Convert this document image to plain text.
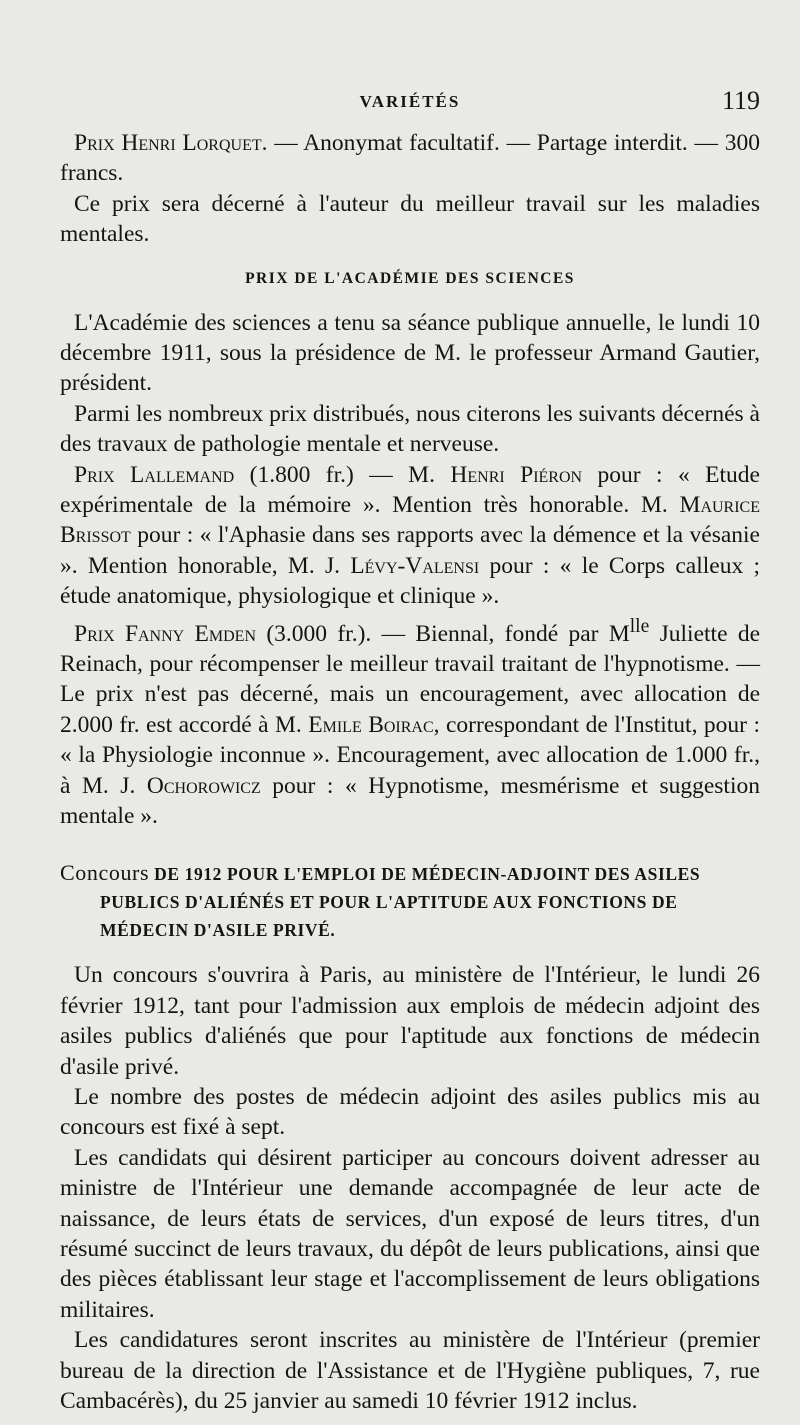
VARIÉTÉS	119

Prix Henri Lorquet. — Anonymat facultatif. — Partage interdit. — 300 francs.

Ce prix sera décerné à l'auteur du meilleur travail sur les maladies mentales.

PRIX DE L'ACADÉMIE DES SCIENCES

L'Académie des sciences a tenu sa séance publique annuelle, le lundi 10 décembre 1911, sous la présidence de M. le professeur Armand Gautier, président.

Parmi les nombreux prix distribués, nous citerons les suivants décernés à des travaux de pathologie mentale et nerveuse.

Prix Lallemand (1.800 fr.) — M. Henri Piéron pour : « Etude expérimentale de la mémoire ». Mention très honorable. M. Maurice Brissot pour : « l'Aphasie dans ses rapports avec la démence et la vésanie ». Mention honorable, M. J. Lévy-Valensi pour : « le Corps calleux ; étude anatomique, physiologique et clinique ».

Prix Fanny Emden (3.000 fr.). — Biennal, fondé par $M^{lle}$ Juliette de Reinach, pour récompenser le meilleur travail traitant de l'hypnotisme. — Le prix n'est pas décerné, mais un encouragement, avec allocation de 2.000 fr. est accordé à M. Emile Boirac, correspondant de l'Institut, pour : « la Physiologie inconnue ». Encouragement, avec allocation de 1.000 fr., à M. J. Ochorowicz pour : « Hypnotisme, mesmérisme et suggestion mentale ».

Concours DE 1912 POUR L'EMPLOI DE MÉDECIN-ADJOINT DES ASILES PUBLICS D'ALIÉNÉS ET POUR L'APTITUDE AUX FONCTIONS DE MÉDECIN D'ASILE PRIVÉ.

Un concours s'ouvrira à Paris, au ministère de l'Intérieur, le lundi 26 février 1912, tant pour l'admission aux emplois de médecin adjoint des asiles publics d'aliénés que pour l'aptitude aux fonctions de médecin d'asile privé.

Le nombre des postes de médecin adjoint des asiles publics mis au concours est fixé à sept.

Les candidats qui désirent participer au concours doivent adresser au ministre de l'Intérieur une demande accompagnée de leur acte de naissance, de leurs états de services, d'un exposé de leurs titres, d'un résumé succinct de leurs travaux, du dépôt de leurs publications, ainsi que des pièces établissant leur stage et l'accomplissement de leurs obligations militaires.

Les candidatures seront inscrites au ministère de l'Intérieur (premier bureau de la direction de l'Assistance et de l'Hygiène publiques, 7, rue Cambacérès), du 25 janvier au samedi 10 février 1912 inclus.
